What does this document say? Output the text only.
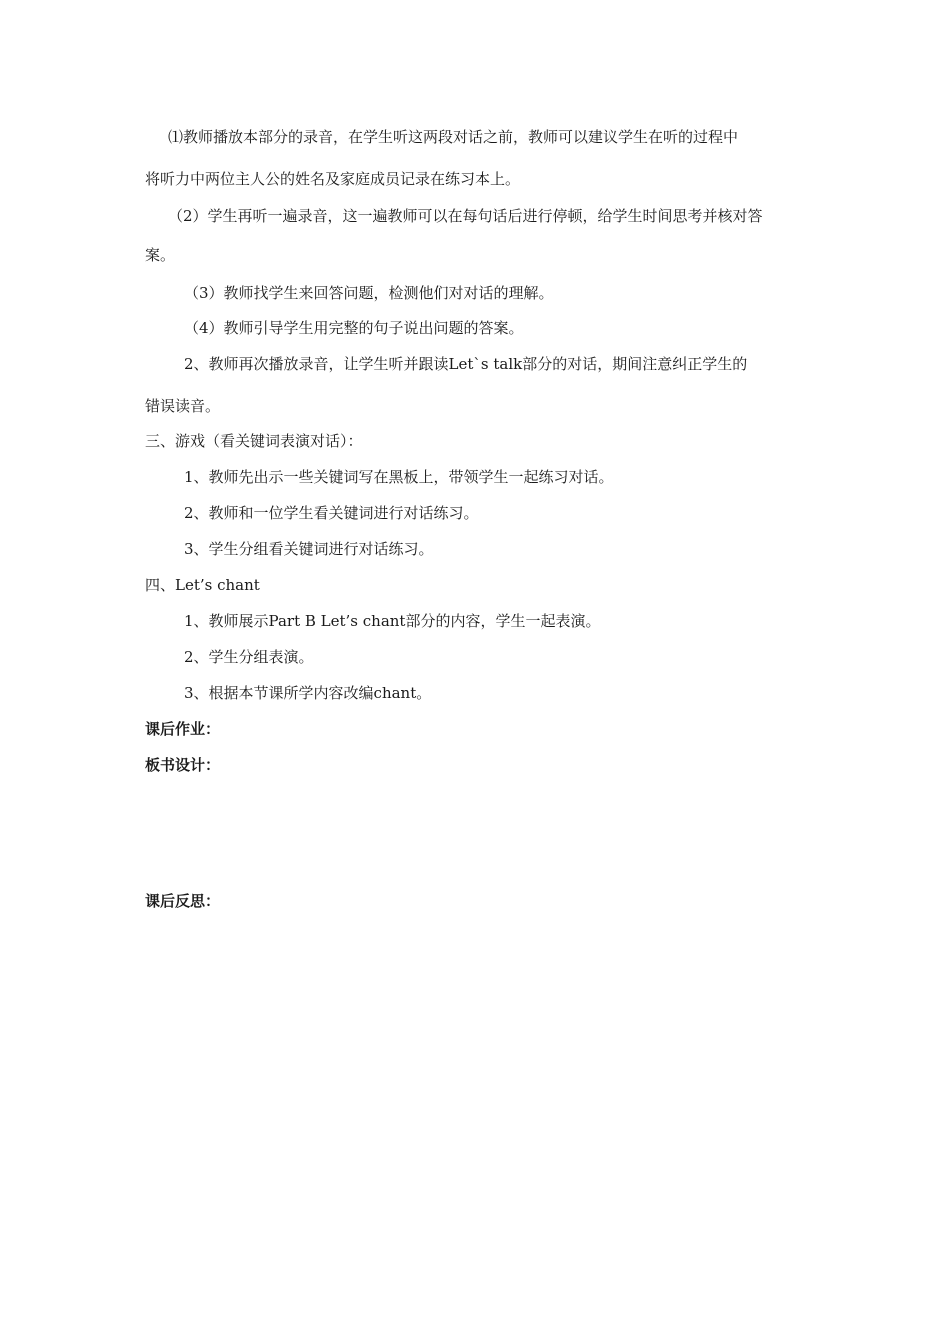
⑴教师播放本部分的录音，在学生听这两段对话之前，教师可以建议学生在听的过程中
将听力中两位主人公的姓名及家庭成员记录在练习本上。
（2）学生再听一遍录音，这一遍教师可以在每句话后进行停顿，给学生时间思考并核对答
案。
（3）教师找学生来回答问题，检测他们对对话的理解。
（4）教师引导学生用完整的句子说出问题的答案。
2、教师再次播放录音，让学生听并跟读Let`s talk部分的对话，期间注意纠正学生的
错误读音。
三、游戏（看关键词表演对话）：
1、教师先出示一些关键词写在黑板上，带领学生一起练习对话。
2、教师和一位学生看关键词进行对话练习。
3、学生分组看关键词进行对话练习。
四、Let’s chant
1、教师展示Part B Let’s chant部分的内容，学生一起表演。
2、学生分组表演。
3、根据本节课所学内容改编chant。
课后作业：
板书设计：
课后反思：
